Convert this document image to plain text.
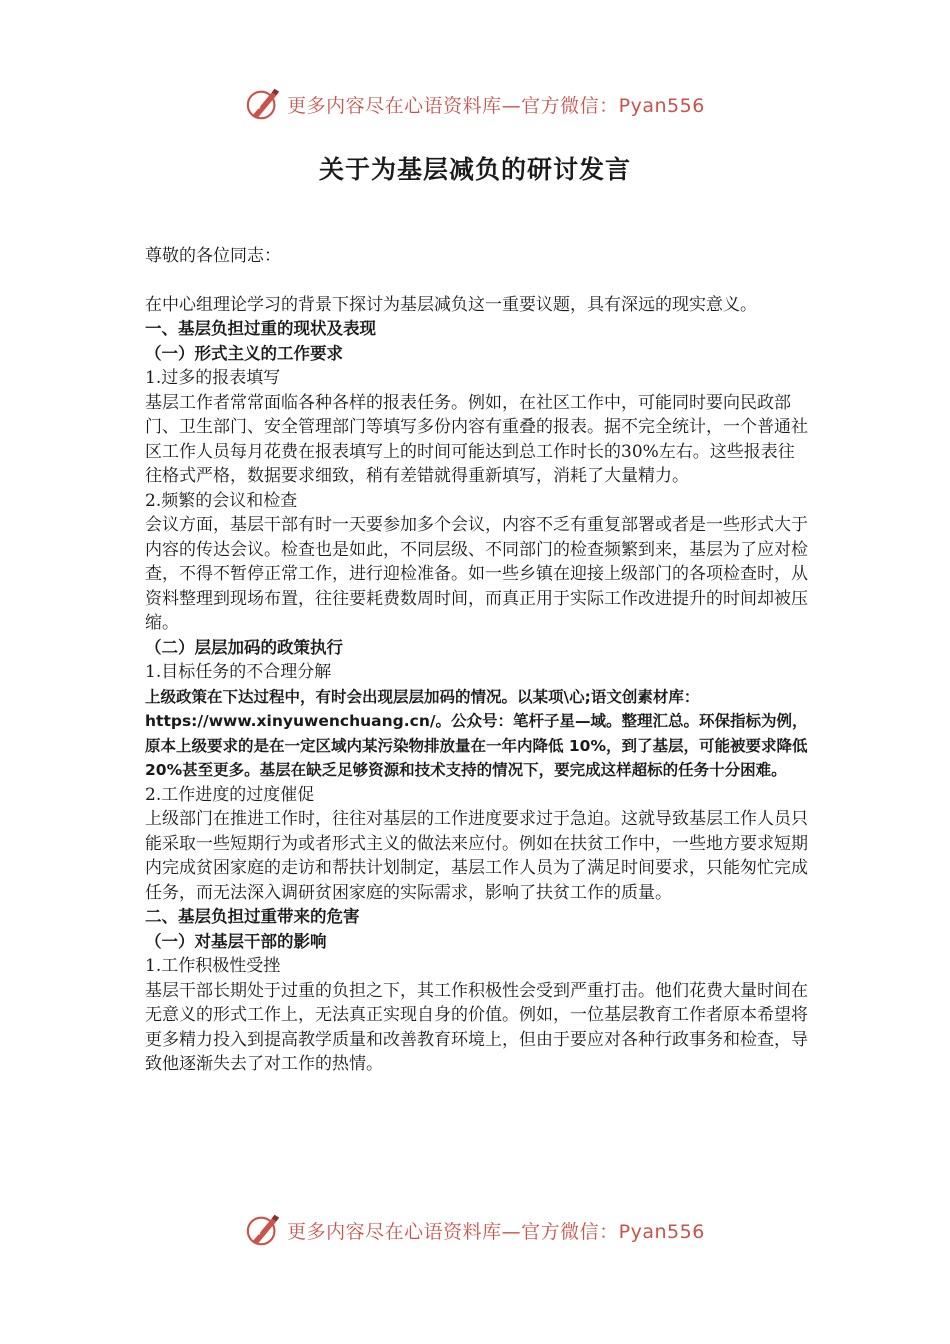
更多内容尽在心语资料库—官方微信：Pyan556
关于为基层减负的研讨发言

尊敬的各位同志：

在中心组理论学习的背景下探讨为基层减负这一重要议题，具有深远的现实意义。

一、基层负担过重的现状及表现

（一）形式主义的工作要求

1.过多的报表填写

基层工作者常常面临各种各样的报表任务。例如，在社区工作中，可能同时要向民政部门、卫生部门、安全管理部门等填写多份内容有重叠的报表。据不完全统计，一个普通社区工作人员每月花费在报表填写上的时间可能达到总工作时长的30%左右。这些报表往往格式严格，数据要求细致，稍有差错就得重新填写，消耗了大量精力。

2.频繁的会议和检查

会议方面，基层干部有时一天要参加多个会议，内容不乏有重复部署或者是一些形式大于内容的传达会议。检查也是如此，不同层级、不同部门的检查频繁到来，基层为了应对检查，不得不暂停正常工作，进行迎检准备。如一些乡镇在迎接上级部门的各项检查时，从资料整理到现场布置，往往要耗费数周时间，而真正用于实际工作改进提升的时间却被压缩。

（二）层层加码的政策执行

1.目标任务的不合理分解

上级政策在下达过程中，有时会出现层层加码的情况。以某项\心;语文创素材库：https://www.xinyuwenchuang.cn/。公众号：笔杆子星—域。整理汇总。环保指标为例，原本上级要求的是在一定区域内某污染物排放量在一年内降低 10%，到了基层，可能被要求降低 20%甚至更多。基层在缺乏足够资源和技术支持的情况下，要完成这样超标的任务十分困难。

2.工作进度的过度催促

上级部门在推进工作时，往往对基层的工作进度要求过于急迫。这就导致基层工作人员只能采取一些短期行为或者形式主义的做法来应付。例如在扶贫工作中，一些地方要求短期内完成贫困家庭的走访和帮扶计划制定，基层工作人员为了满足时间要求，只能匆忙完成任务，而无法深入调研贫困家庭的实际需求，影响了扶贫工作的质量。

二、基层负担过重带来的危害

（一）对基层干部的影响

1.工作积极性受挫

基层干部长期处于过重的负担之下，其工作积极性会受到严重打击。他们花费大量时间在无意义的形式工作上，无法真正实现自身的价值。例如，一位基层教育工作者原本希望将更多精力投入到提高教学质量和改善教育环境上，但由于要应对各种行政事务和检查，导致他逐渐失去了对工作的热情。

更多内容尽在心语资料库—官方微信：Pyan556
